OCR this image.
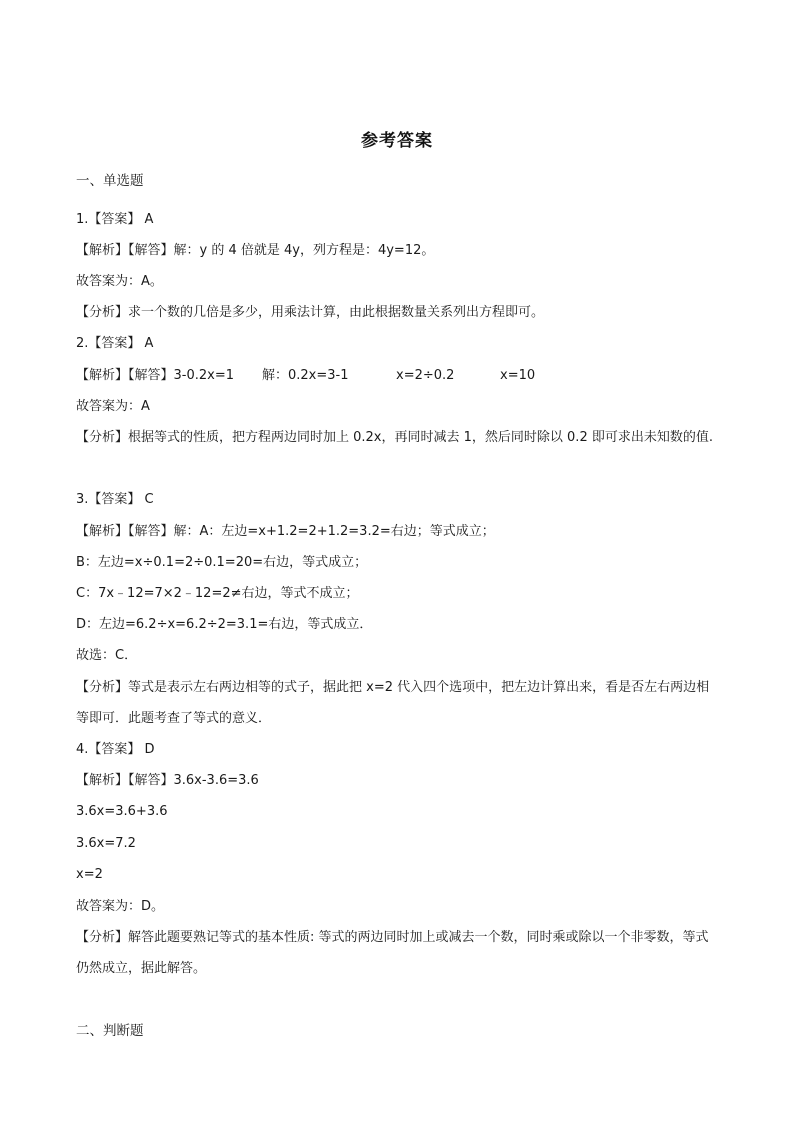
参考答案
一、单选题
1.【答案】 A
【解析】【解答】解：y 的 4 倍就是 4y，列方程是：4y=12。
故答案为：A。
【分析】求一个数的几倍是多少，用乘法计算，由此根据数量关系列出方程即可。
2.【答案】 A
【解析】【解答】3-0.2x=1 解：0.2x=3-1	x=2÷0.2	x=10
故答案为：A
【分析】根据等式的性质，把方程两边同时加上 0.2x，再同时减去 1，然后同时除以 0.2 即可求出未知数的值.
3.【答案】 C
【解析】【解答】解：A：左边=x+1.2=2+1.2=3.2=右边；等式成立；
B：左边=x÷0.1=2÷0.1=20=右边，等式成立；
C：7x﹣12=7×2﹣12=2≠右边，等式不成立；
D：左边=6.2÷x=6.2÷2=3.1=右边，等式成立．
故选：C．
【分析】等式是表示左右两边相等的式子，据此把 x=2 代入四个选项中，把左边计算出来，看是否左右两边相等即可．此题考查了等式的意义．
4.【答案】 D
【解析】【解答】3.6x-3.6=3.6
3.6x=3.6+3.6
3.6x=7.2
x=2
故答案为：D。
【分析】解答此题要熟记等式的基本性质: 等式的两边同时加上或减去一个数，同时乘或除以一个非零数，等式仍然成立，据此解答。
二、判断题
